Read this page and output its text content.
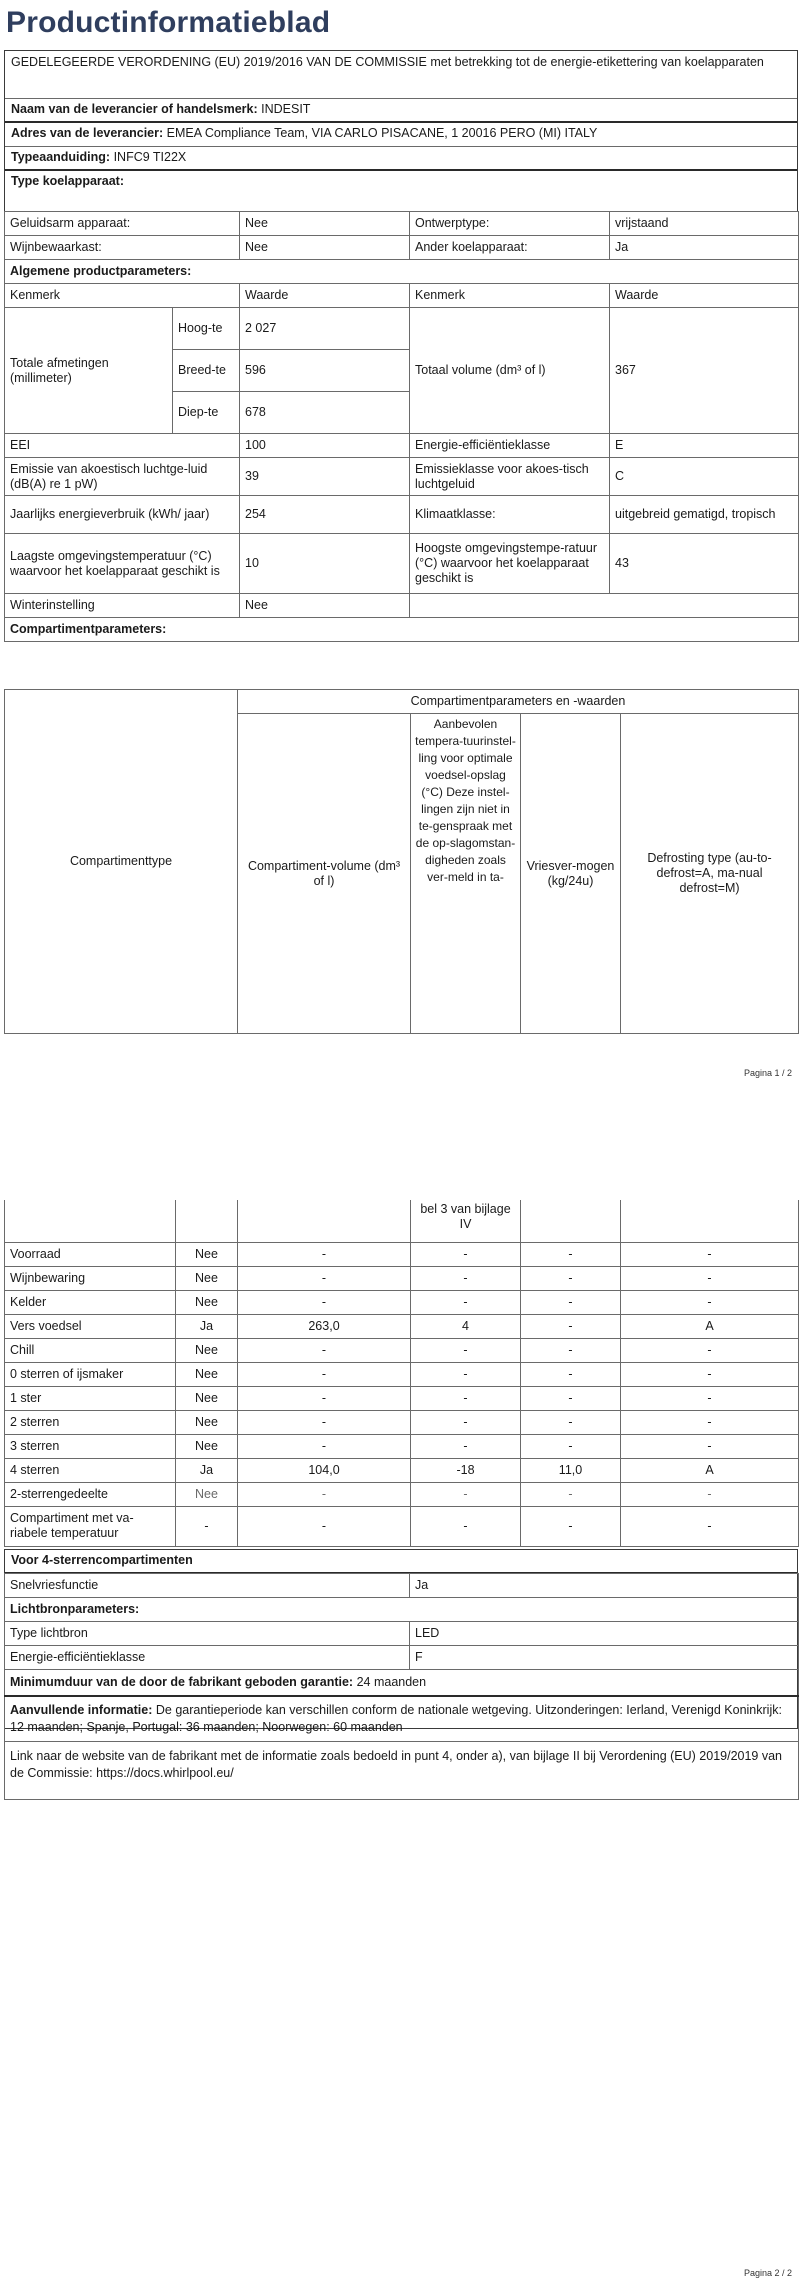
Productinformatieblad
GEDELEGEERDE VERORDENING (EU) 2019/2016 VAN DE COMMISSIE met betrekking tot de energie-etikettering van koelapparaten
Naam van de leverancier of handelsmerk: INDESIT
Adres van de leverancier: EMEA Compliance Team, VIA CARLO PISACANE, 1 20016 PERO (MI) ITALY
Typeaanduiding: INFC9 TI22X
Type koelapparaat:
Geluidsarm apparaat:	Nee	Ontwerptype:	vrijstaand
Wijnbewaarkast:	Nee	Ander koelapparaat:	Ja
Algemene productparameters:			
Kenmerk		Waarde	Kenmerk	Waarde
Totale afmetingen (millimeter)	Hoog-te	2 027	Totaal volume (dm³ of l)	367
	Breed-te	596		
	Diep-te	678		
EEI		100	Energie-efficiëntieklasse	E
Emissie van akoestisch luchtge-luid (dB(A) re 1 pW)		39	Emissieklasse voor akoes-tisch luchtgeluid	C
Jaarlijks energieverbruik (kWh/ jaar)		254	Klimaatklasse:	uitgebreid gematigd, tropisch
Laagste omgevingstemperatuur (°C) waarvoor het koelapparaat geschikt is		10	Hoogste omgevingstempe-ratuur (°C) waarvoor het koelapparaat geschikt is	43
Winterinstelling		Nee		
Compartimentparameters:				
Compartimenttype	Compartimentparameters en -waarden			
	Compartiment-volume (dm³ of l)	Aanbevolen tempera-tuurinstel-ling voor optimale voedsel-opslag (°C) Deze instel-lingen zijn niet in te-genspraak met de op-slagomstan-digheden zoals ver-meld in ta-	Vriesver-mogen (kg/24u)	Defrosting type (au-to-defrost=A, ma-nual defrost=M)
Pagina 1 / 2
			bel 3 van bijlage IV		
Voorraad	Nee	-	-	-	-
Wijnbewaring	Nee	-	-	-	-
Kelder	Nee	-	-	-	-
Vers voedsel	Ja	263,0	4	-	A
Chill	Nee	-	-	-	-
0 sterren of ijsmaker	Nee	-	-	-	-
1 ster	Nee	-	-	-	-
2 sterren	Nee	-	-	-	-
3 sterren	Nee	-	-	-	-
4 sterren	Ja	104,0	-18	11,0	A
2-sterrengedeelte	Nee	-	-	-	-
Compartiment met va-riabele temperatuur	-	-	-	-	-
Voor 4-sterrencompartimenten
Snelvriesfunctie	Ja
Lichtbronparameters:	
Type lichtbron	LED
Energie-efficiëntieklasse	F
Minimumduur van de door de fabrikant geboden garantie: 24 maanden	
Aanvullende informatie: De garantieperiode kan verschillen conform de nationale wetgeving. Uitzonderingen: Ierland, Verenigd Koninkrijk: 12 maanden; Spanje, Portugal: 36 maanden; Noorwegen: 60 maanden	
Link naar de website van de fabrikant met de informatie zoals bedoeld in punt 4, onder a), van bijlage II bij Verordening (EU) 2019/2019 van de Commissie: https://docs.whirlpool.eu/	
Pagina 2 / 2
